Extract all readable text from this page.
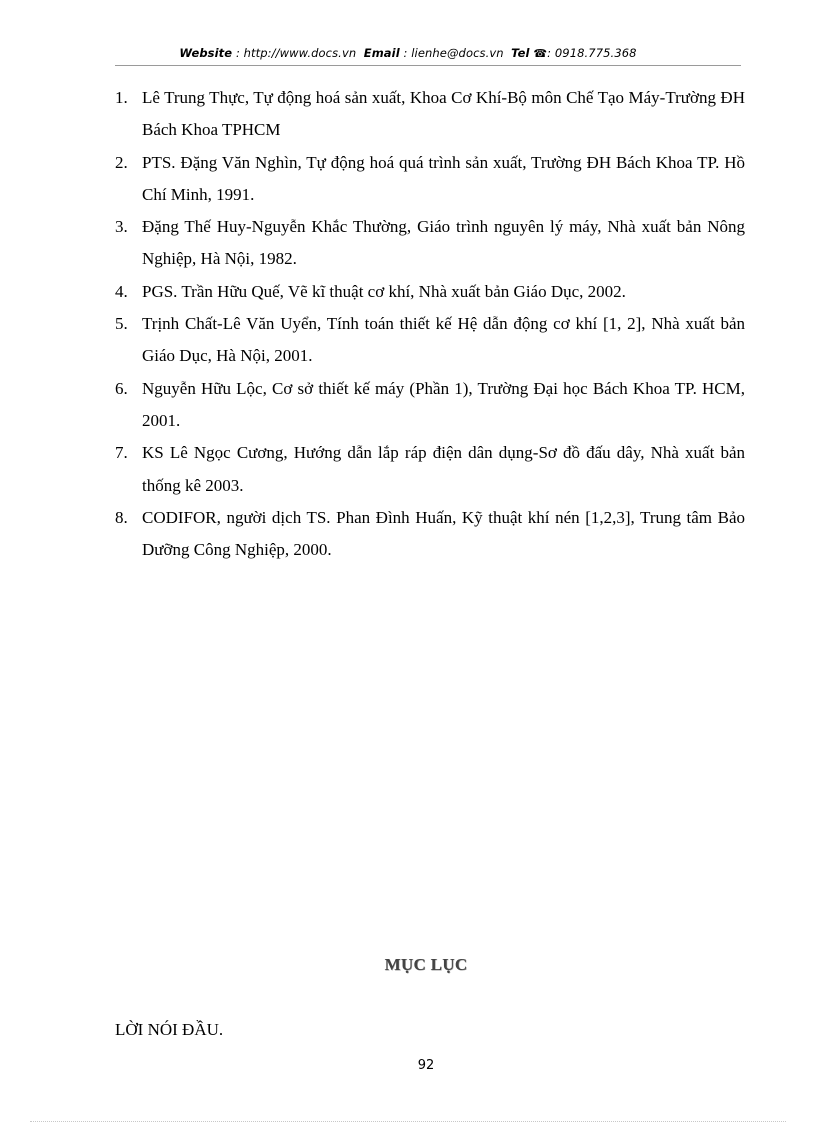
Website : http://www.docs.vn Email : lienhe@docs.vn Tel ☎: 0918.775.368
1. Lê Trung Thực, Tự động hoá sản xuất, Khoa Cơ Khí-Bộ môn Chế Tạo Máy-Trường ĐH Bách Khoa TPHCM
2. PTS. Đặng Văn Nghìn, Tự động hoá quá trình sản xuất, Trường ĐH Bách Khoa TP. Hồ Chí Minh, 1991.
3. Đặng Thế Huy-Nguyễn Khắc Thường, Giáo trình nguyên lý máy, Nhà xuất bản Nông Nghiệp, Hà Nội, 1982.
4. PGS. Trần Hữu Quế, Vẽ kĩ thuật cơ khí, Nhà xuất bản Giáo Dục, 2002.
5. Trịnh Chất-Lê Văn Uyển, Tính toán thiết kế Hệ dẫn động cơ khí [1, 2], Nhà xuất bản Giáo Dục, Hà Nội, 2001.
6. Nguyễn Hữu Lộc, Cơ sở thiết kế máy (Phần 1), Trường Đại học Bách Khoa TP. HCM, 2001.
7. KS Lê Ngọc Cương, Hướng dẫn lắp ráp điện dân dụng-Sơ đồ đấu dây, Nhà xuất bản thống kê 2003.
8. CODIFOR, người dịch TS. Phan Đình Huấn, Kỹ thuật khí nén [1,2,3], Trung tâm Bảo Dưỡng Công Nghiệp, 2000.
MỤC LỤC
LỜI NÓI ĐẦU.
92
